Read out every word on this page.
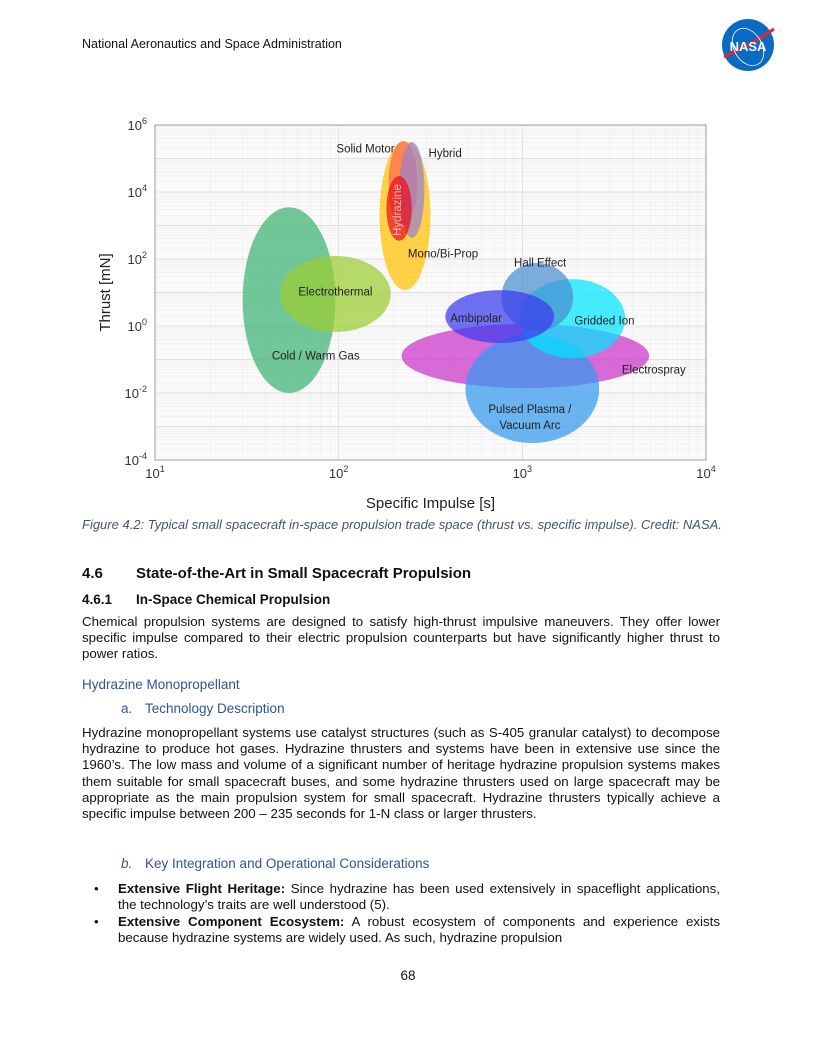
National Aeronautics and Space Administration	NASA
Cold / Warm Gas
Electrothermal
Electrospray
Pulsed Plasma / Vacuum Arc
Gridded Ion
Hall Effect
Ambipolar
Mono/Bi-Prop
Solid Motor	Hybrid
Hydrazine
$10^1$	$10^2$	$10^3$	$10^4$
$10^{-4}$
$10^{-2}$
$10^0$
$10^2$
$10^4$
$10^6$
Specific Impulse [s]
Thrust [mN]
Figure 4.2: Typical small spacecraft in-space propulsion trade space (thrust vs. specific impulse). Credit: NASA.
4.6 State-of-the-Art in Small Spacecraft Propulsion
4.6.1 In-Space Chemical Propulsion
Chemical propulsion systems are designed to satisfy high-thrust impulsive maneuvers. They offer lower specific impulse compared to their electric propulsion counterparts but have significantly higher thrust to power ratios.
Hydrazine Monopropellant
a. Technology Description
Hydrazine monopropellant systems use catalyst structures (such as S-405 granular catalyst) to decompose hydrazine to produce hot gases. Hydrazine thrusters and systems have been in extensive use since the 1960’s. The low mass and volume of a significant number of heritage hydrazine propulsion systems makes them suitable for small spacecraft buses, and some hydrazine thrusters used on large spacecraft may be appropriate as the main propulsion system for small spacecraft. Hydrazine thrusters typically achieve a specific impulse between 200 – 235 seconds for 1-N class or larger thrusters.
b. Key Integration and Operational Considerations
• Extensive Flight Heritage: Since hydrazine has been used extensively in spaceflight applications, the technology’s traits are well understood (5).
• Extensive Component Ecosystem: A robust ecosystem of components and experience exists because hydrazine systems are widely used. As such, hydrazine propulsion
68
